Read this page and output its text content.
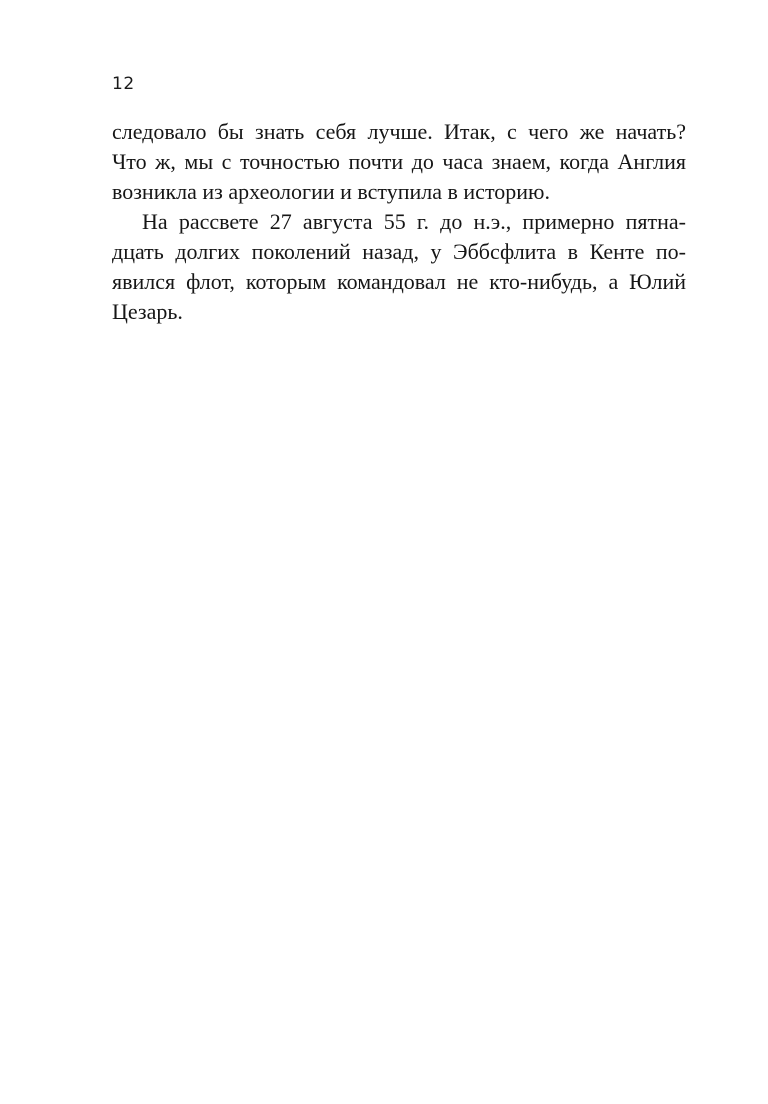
12
следовало бы знать себя лучше. Итак, с чего же начать?
Что ж, мы с точностью почти до часа знаем, когда Англия
возникла из археологии и вступила в историю.
На рассвете 27 августа 55 г. до н.э., примерно пятна-
дцать долгих поколений назад, у Эббсфлита в Кенте по-
явился флот, которым командовал не кто-нибудь, а Юлий
Цезарь.
